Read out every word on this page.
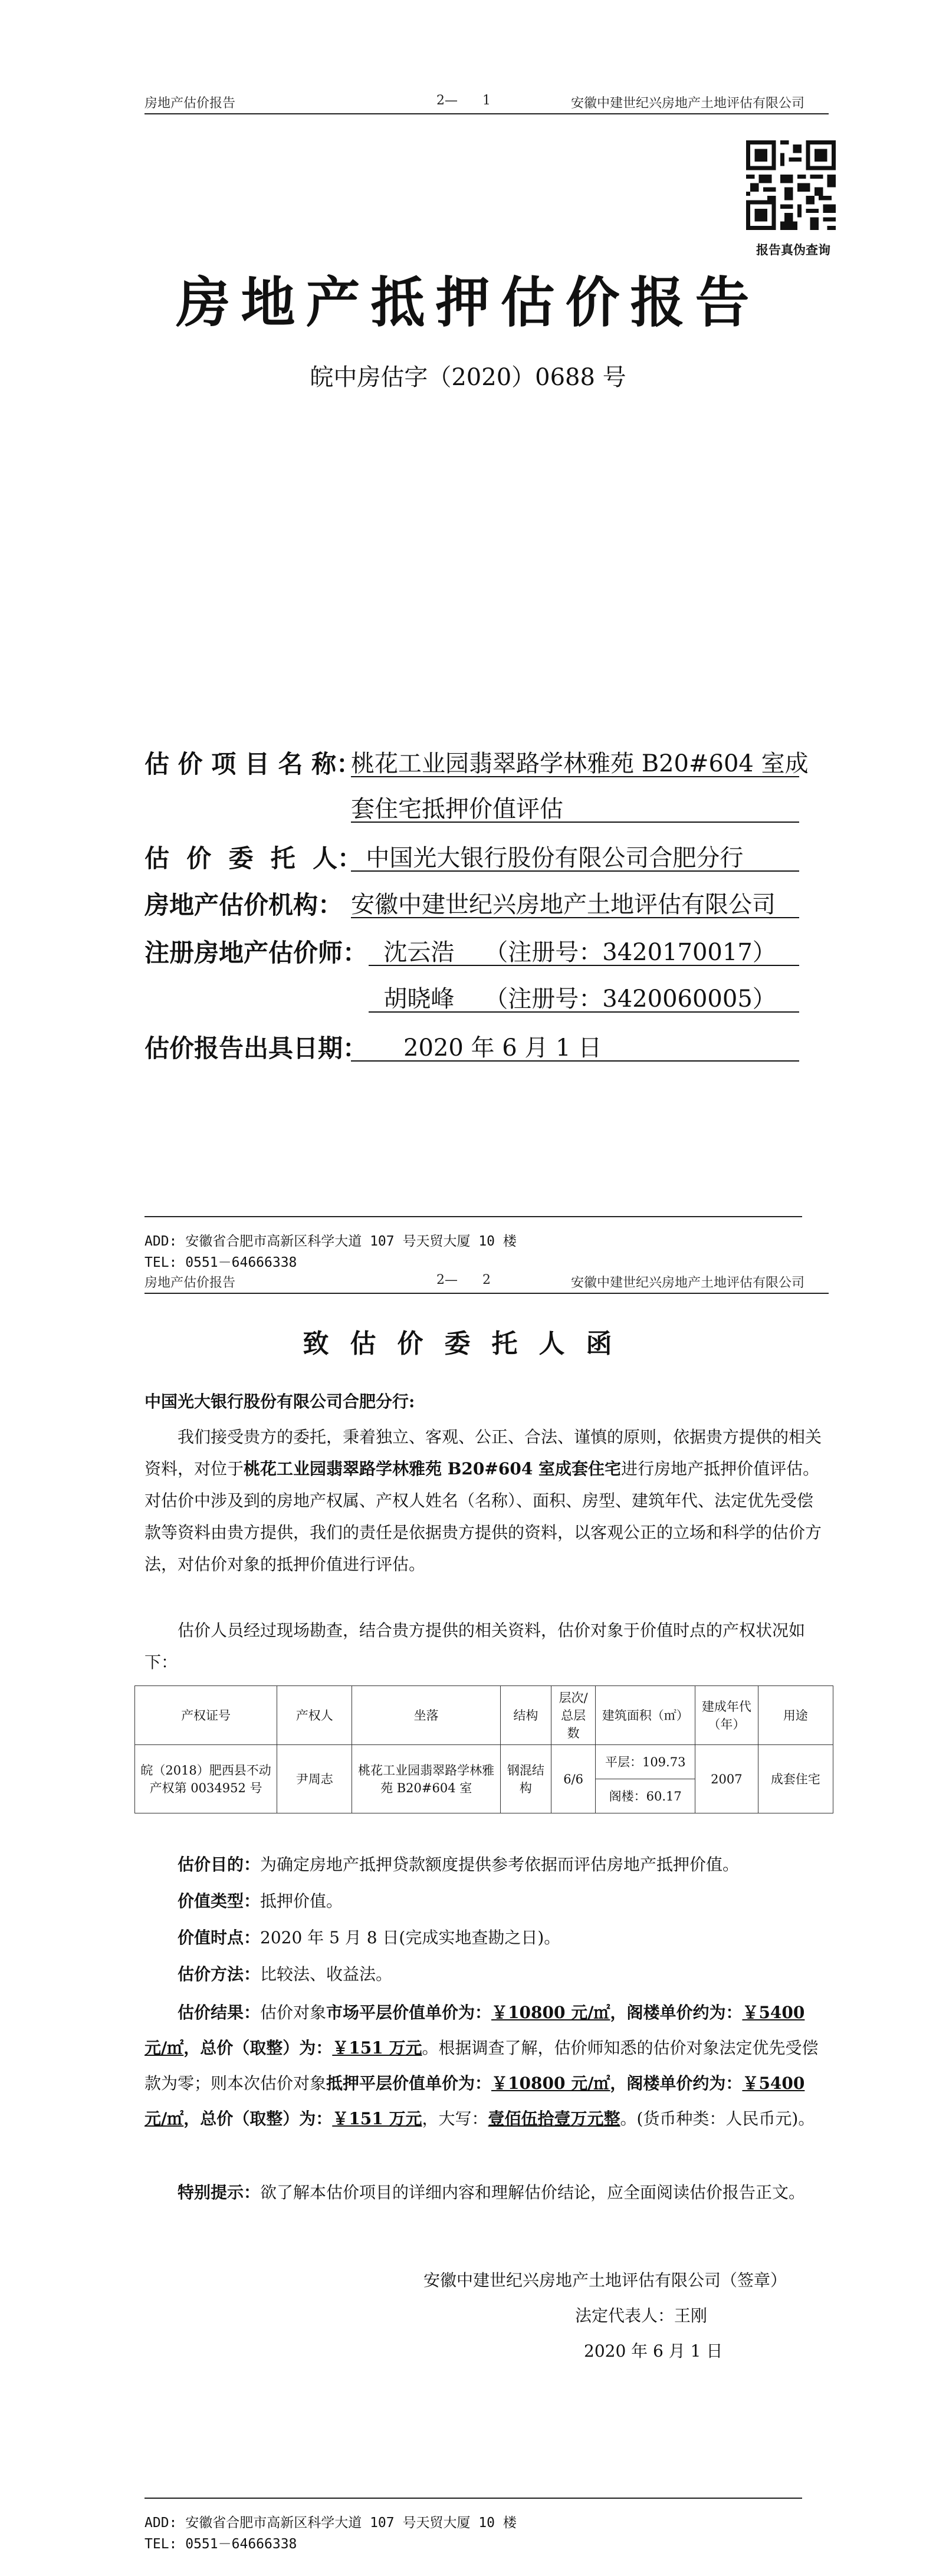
房地产估价报告	2—      1	安徽中建世纪兴房地产土地评估有限公司
报告真伪查询
房地产抵押估价报告
皖中房估字（2020）0688 号
估 价 项 目 名 称：
桃花工业园翡翠路学林雅苑 B20#604 室成
套住宅抵押价值评估
估  价  委  托  人：
中国光大银行股份有限公司合肥分行
房地产估价机构： 安徽中建世纪兴房地产土地评估有限公司
注册房地产估价师： 沈云浩    （注册号：3420170017）
胡晓峰    （注册号：3420060005）
估价报告出具日期：
2020 年 6 月 1 日
ADD: 安徽省合肥市高新区科学大道 107 号天贸大厦 10 楼
TEL: 0551－64666338
房地产估价报告	2—      2	安徽中建世纪兴房地产土地评估有限公司
致估价委托人函
中国光大银行股份有限公司合肥分行:
我们接受贵方的委托，秉着独立、客观、公正、合法、谨慎的原则，依据贵方提供的相关资料，对位于桃花工业园翡翠路学林雅苑 B20#604 室成套住宅进行房地产抵押价值评估。对估价中涉及到的房地产权属、产权人姓名（名称）、面积、房型、建筑年代、法定优先受偿款等资料由贵方提供，我们的责任是依据贵方提供的资料，以客观公正的立场和科学的估价方法，对估价对象的抵押价值进行评估。
估价人员经过现场勘查，结合贵方提供的相关资料，估价对象于价值时点的产权状况如下：
产权证号	产权人	坐落	结构	层次/总层数	建筑面积（㎡）	建成年代（年）	用途
皖（2018）肥西县不动产权第 0034952 号	尹周志	桃花工业园翡翠路学林雅苑 B20#604 室	钢混结构	6/6	平层：109.73	2007	成套住宅
					阁楼：60.17		
估价目的：为确定房地产抵押贷款额度提供参考依据而评估房地产抵押价值。
价值类型：抵押价值。
价值时点：2020 年 5 月 8 日(完成实地查勘之日)。
估价方法：比较法、收益法。
估价结果：估价对象市场平层价值单价为：￥10800 元/㎡，阁楼单价约为：￥5400 元/㎡，总价（取整）为：￥151 万元。根据调查了解，估价师知悉的估价对象法定优先受偿款为零；则本次估价对象抵押平层价值单价为：￥10800 元/㎡，阁楼单价约为：￥5400 元/㎡，总价（取整）为：￥151 万元，大写：壹佰伍拾壹万元整。(货币种类：人民币元)。
特别提示：欲了解本估价项目的详细内容和理解估价结论，应全面阅读估价报告正文。
安徽中建世纪兴房地产土地评估有限公司（签章）
法定代表人：王刚
2020 年 6 月 1 日
ADD: 安徽省合肥市高新区科学大道 107 号天贸大厦 10 楼
TEL: 0551－64666338
